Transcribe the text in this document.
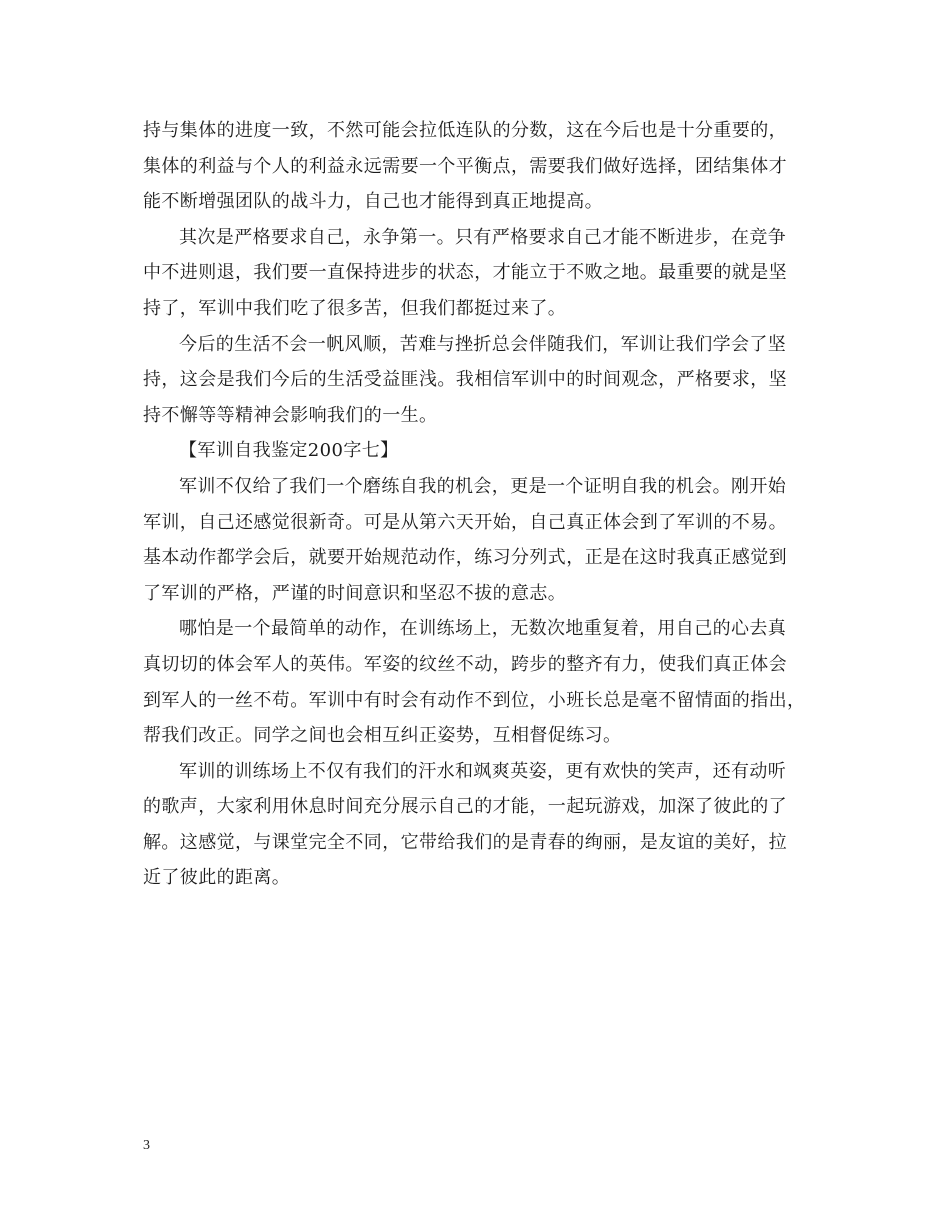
持与集体的进度一致，不然可能会拉低连队的分数，这在今后也是十分重要的，
集体的利益与个人的利益永远需要一个平衡点，需要我们做好选择，团结集体才
能不断增强团队的战斗力，自己也才能得到真正地提高。
其次是严格要求自己，永争第一。只有严格要求自己才能不断进步，在竞争
中不进则退，我们要一直保持进步的状态，才能立于不败之地。最重要的就是坚
持了，军训中我们吃了很多苦，但我们都挺过来了。
今后的生活不会一帆风顺，苦难与挫折总会伴随我们，军训让我们学会了坚
持，这会是我们今后的生活受益匪浅。我相信军训中的时间观念，严格要求，坚
持不懈等等精神会影响我们的一生。
【军训自我鉴定200字七】
军训不仅给了我们一个磨练自我的机会，更是一个证明自我的机会。刚开始
军训，自己还感觉很新奇。可是从第六天开始，自己真正体会到了军训的不易。
基本动作都学会后，就要开始规范动作，练习分列式，正是在这时我真正感觉到
了军训的严格，严谨的时间意识和坚忍不拔的意志。
哪怕是一个最简单的动作，在训练场上，无数次地重复着，用自己的心去真
真切切的体会军人的英伟。军姿的纹丝不动，跨步的整齐有力，使我们真正体会
到军人的一丝不苟。军训中有时会有动作不到位，小班长总是毫不留情面的指出，
帮我们改正。同学之间也会相互纠正姿势，互相督促练习。
军训的训练场上不仅有我们的汗水和飒爽英姿，更有欢快的笑声，还有动听
的歌声，大家利用休息时间充分展示自己的才能，一起玩游戏，加深了彼此的了
解。这感觉，与课堂完全不同，它带给我们的是青春的绚丽，是友谊的美好，拉
近了彼此的距离。
3
